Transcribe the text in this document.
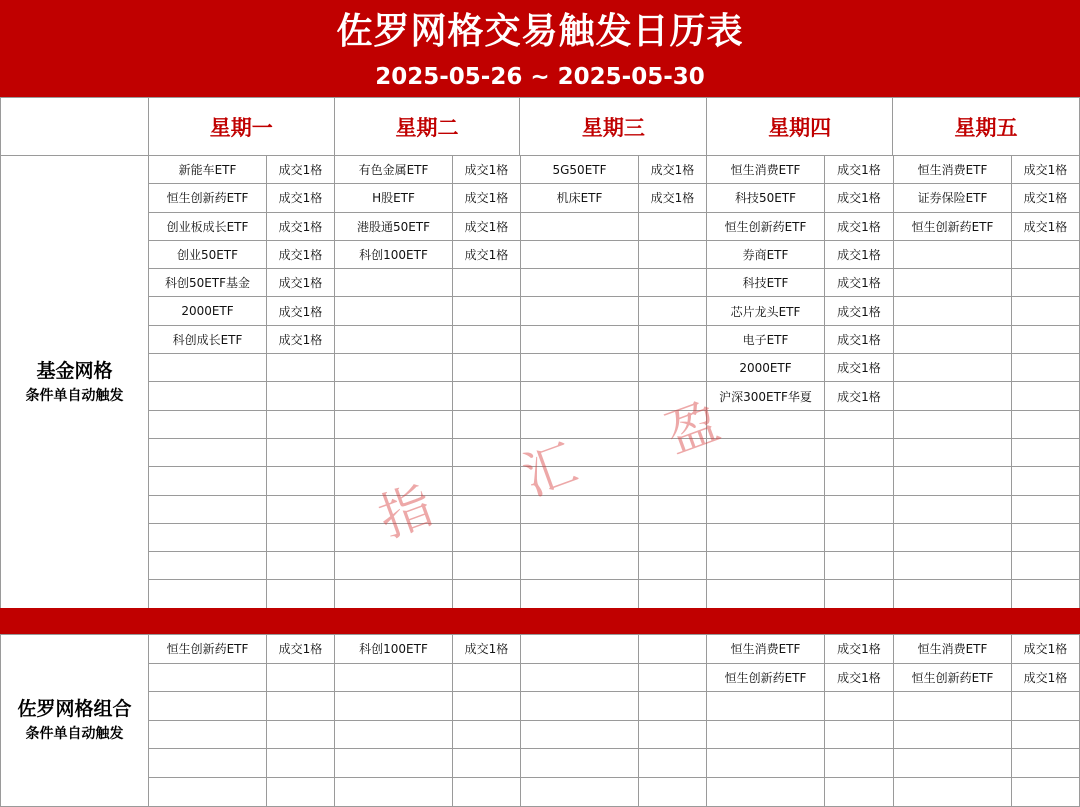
佐罗网格交易触发日历表
2025-05-26 ~ 2025-05-30
	星期一	星期二	星期三	星期四	星期五
基金网格
条件单自动触发	新能车ETF	成交1格	有色金属ETF	成交1格	5G50ETF	成交1格	恒生消费ETF	成交1格	恒生消费ETF	成交1格
	恒生创新药ETF	成交1格	H股ETF	成交1格	机床ETF	成交1格	科技50ETF	成交1格	证券保险ETF	成交1格
	创业板成长ETF	成交1格	港股通50ETF	成交1格			恒生创新药ETF	成交1格	恒生创新药ETF	成交1格
	创业50ETF	成交1格	科创100ETF	成交1格			券商ETF	成交1格		
	科创50ETF基金	成交1格					科技ETF	成交1格		
	2000ETF	成交1格					芯片龙头ETF	成交1格		
	科创成长ETF	成交1格					电子ETF	成交1格		
							2000ETF	成交1格		
							沪深300ETF华夏	成交1格		

佐罗网格组合
条件单自动触发	恒生创新药ETF	成交1格	科创100ETF	成交1格			恒生消费ETF	成交1格	恒生消费ETF	成交1格
							恒生创新药ETF	成交1格	恒生创新药ETF	成交1格

指
汇
盈
